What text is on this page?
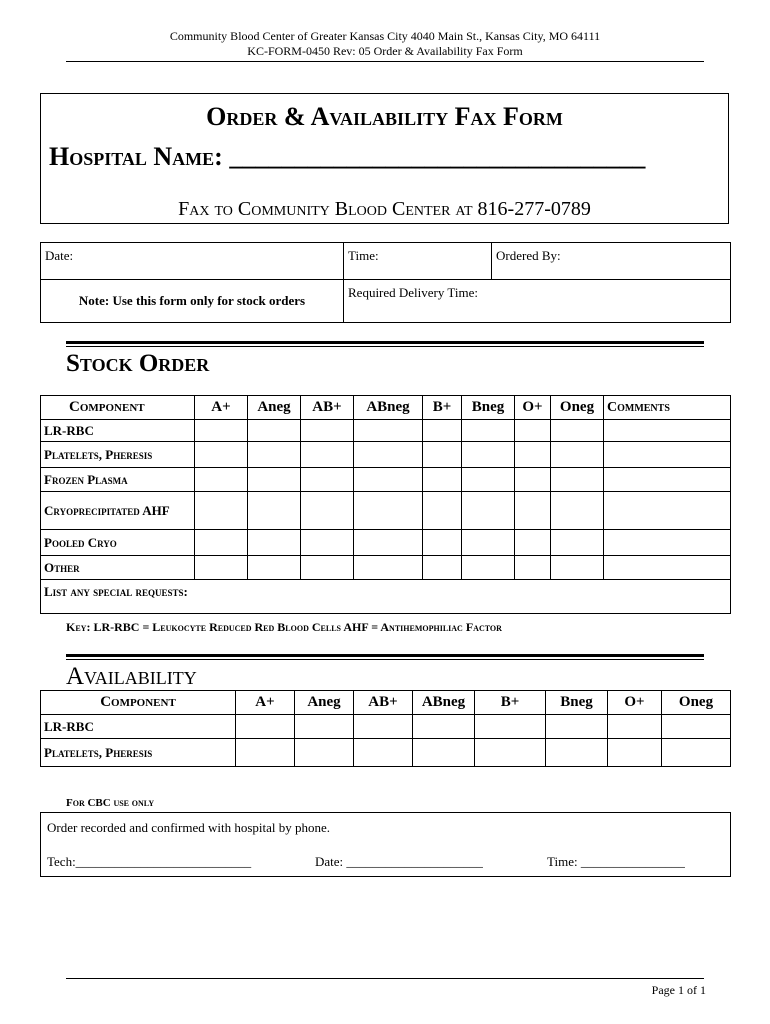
Community Blood Center of Greater Kansas City 4040 Main St., Kansas City, MO 64111
KC-FORM-0450 Rev: 05 Order & Availability Fax Form
Order & Availability Fax Form
Hospital Name: ________________________________
Fax to Community Blood Center at 816-277-0789
Date:	Time:	Ordered By:
Note: Use this form only for stock orders	Required Delivery Time:	
Stock Order
Component	A+	Aneg	AB+	ABneg	B+	Bneg	O+	Oneg	Comments
LR-RBC									
Platelets, Pheresis									
Frozen Plasma									
Cryoprecipitated AHF									
Pooled Cryo									
Other									
List any special requests:									
Key: LR-RBC = Leukocyte Reduced Red Blood Cells AHF = Antihemophiliac Factor
Availability
Component	A+	Aneg	AB+	ABneg	B+	Bneg	O+	Oneg
LR-RBC								
Platelets, Pheresis								
For CBC use only
Order recorded and confirmed with hospital by phone.
Tech:___________________________	Date: _____________________	Time: ________________
Page 1 of 1
